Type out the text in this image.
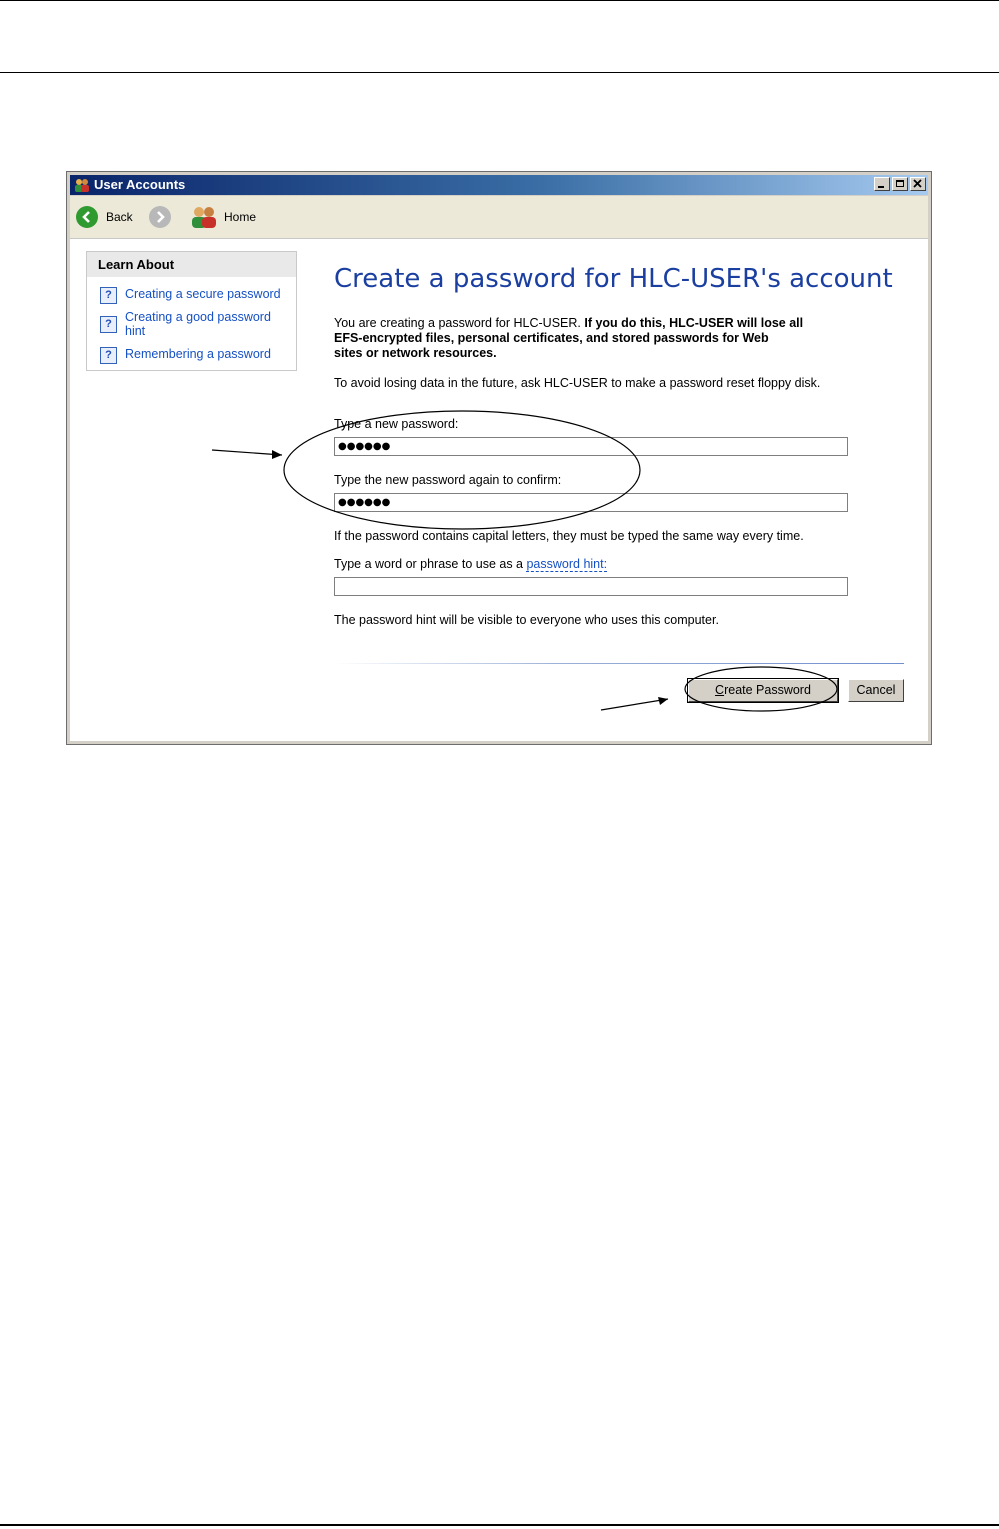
User Accounts
Back	Home
Learn About
?	Creating a secure password
?	Creating a good password hint
?	Remembering a password
Create a password for HLC-USER's account
You are creating a password for HLC-USER. If you do this, HLC-USER will lose all
EFS-encrypted files, personal certificates, and stored passwords for Web
sites or network resources.
To avoid losing data in the future, ask HLC-USER to make a password reset floppy disk.
Type a new password:
●●●●●●
Type the new password again to confirm:
●●●●●●
If the password contains capital letters, they must be typed the same way every time.
Type a word or phrase to use as a password hint:
The password hint will be visible to everyone who uses this computer.
Create Password	Cancel
